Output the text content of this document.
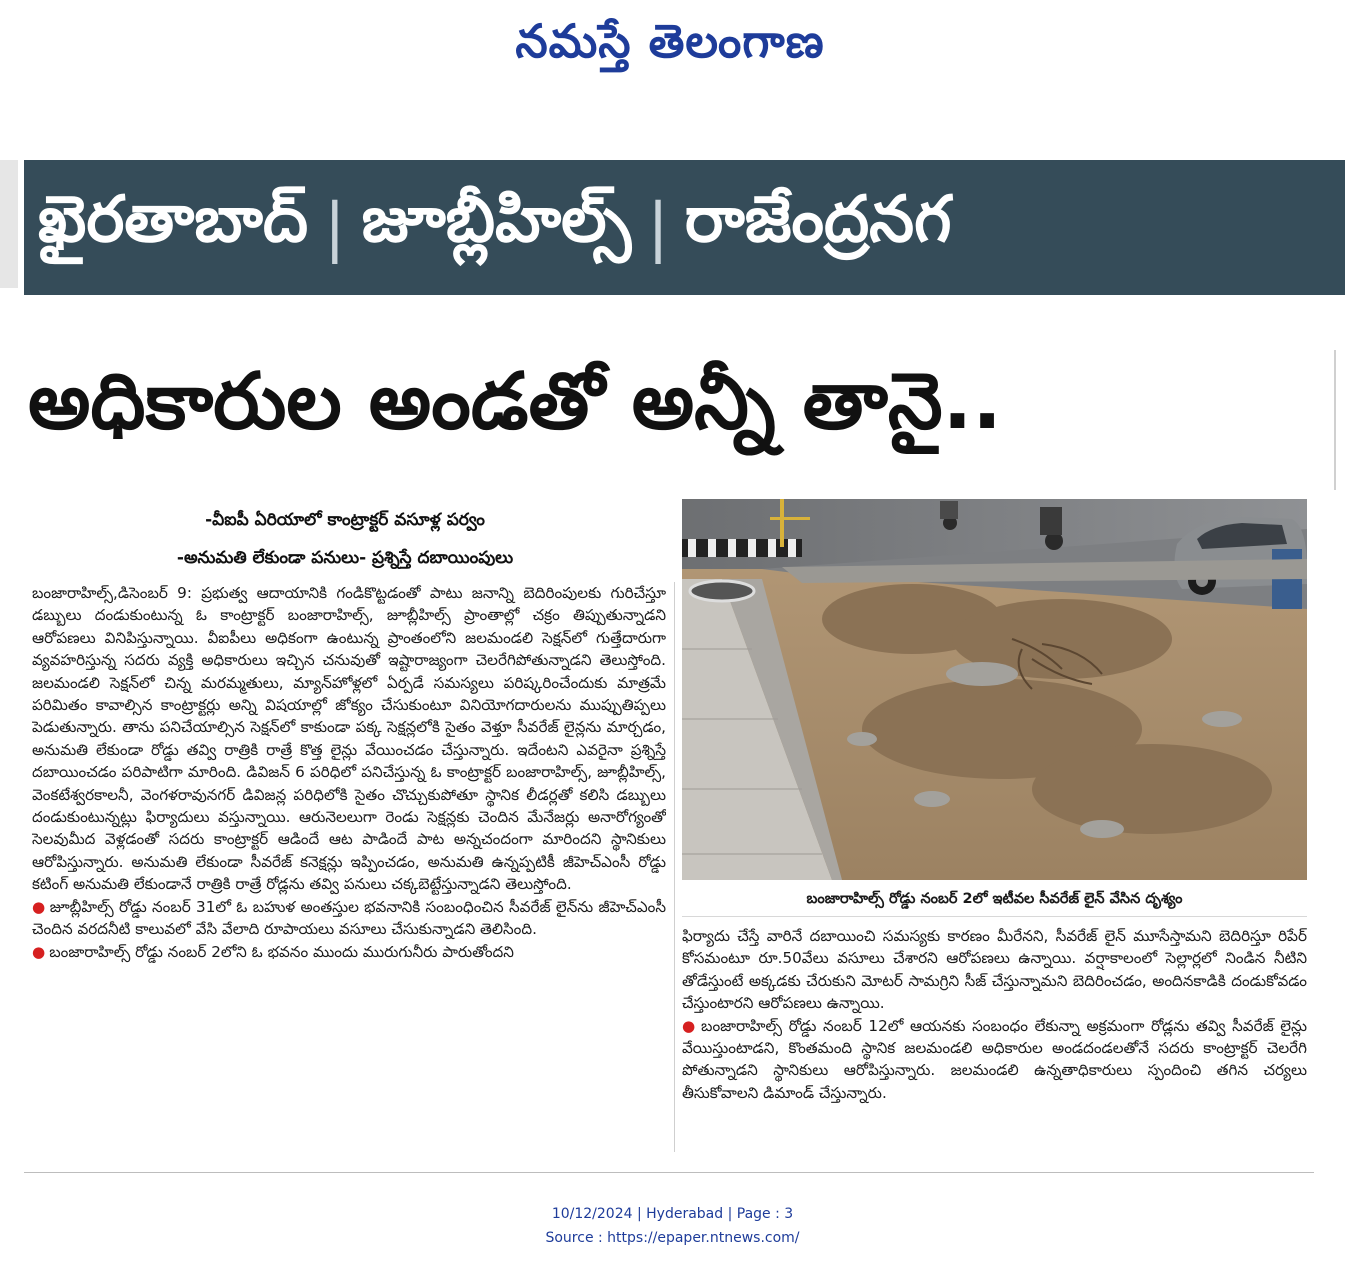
నమస్తే తెలంగాణ
ఖైరతాబాద్ | జూబ్లీహిల్స్ | రాజేంద్రనగ
అధికారుల అండతో అన్నీ తానై..
-వీఐపీ ఏరియాలో కాంట్రాక్టర్‌ వసూళ్ల పర్వం
-అనుమతి లేకుండా పనులు- ప్రశ్నిస్తే దబాయింపులు

బంజారాహిల్స్‌,డిసెంబర్‌ 9: ప్రభుత్వ ఆదాయానికి గండికొట్టడంతో పాటు జనాన్ని బెదిరింపులకు గురిచేస్తూ డబ్బులు దండుకుంటున్న ఓ కాంట్రాక్టర్‌ బంజారాహిల్స్‌, జూబ్లీహిల్స్‌ ప్రాంతాల్లో చక్రం తిప్పుతున్నాడని ఆరోపణలు వినిపిస్తున్నాయి. వీఐపీలు అధికంగా ఉంటున్న ప్రాంతంలోని జలమండలి సెక్షన్‌లో గుత్తేదారుగా వ్యవహరిస్తున్న సదరు వ్యక్తి అధికారులు ఇచ్చిన చనువుతో ఇష్టారాజ్యంగా చెలరేగిపోతున్నాడని తెలుస్తోంది. జలమండలి సెక్షన్‌లో చిన్న మరమ్మతులు, మ్యాన్‌హోళ్లలో ఏర్పడే సమస్యలు పరిష్కరించేందుకు మాత్రమే పరిమితం కావాల్సిన కాంట్రాక్టర్లు అన్ని విషయాల్లో జోక్యం చేసుకుంటూ వినియోగదారులను ముప్పుతిప్పలు పెడుతున్నారు. తాను పనిచేయాల్సిన సెక్షన్‌లో కాకుండా పక్క సెక్షన్లలోకి సైతం వెళ్తూ సీవరేజ్‌ లైన్లను మార్చడం, అనుమతి లేకుండా రోడ్డు తవ్వి రాత్రికి రాత్రే కొత్త లైన్లు వేయించడం చేస్తున్నారు. ఇదేంటని ఎవరైనా ప్రశ్నిస్తే దబాయించడం పరిపాటిగా మారింది. డివిజన్‌ 6 పరిధిలో పనిచేస్తున్న ఓ కాంట్రాక్టర్‌ బంజారాహిల్స్‌, జూబ్లీహిల్స్‌, వెంకటేశ్వరకాలనీ, వెంగళరావునగర్‌ డివిజన్ల పరిధిలోకి సైతం చొచ్చుకుపోతూ స్థానిక లీడర్లతో కలిసి డబ్బులు దండుకుంటున్నట్లు ఫిర్యాదులు వస్తున్నాయి. ఆరునెలలుగా రెండు సెక్షన్లకు చెందిన మేనేజర్లు అనారోగ్యంతో సెలవుమీద వెళ్లడంతో సదరు కాంట్రాక్టర్‌ ఆడిందే ఆట పాడిందే పాట అన్నచందంగా మారిందని స్థానికులు ఆరోపిస్తున్నారు. అనుమతి లేకుండా సీవరేజ్‌ కనెక్షన్లు ఇప్పించడం, అనుమతి ఉన్నప్పటికీ జీహెచ్‌ఎంసీ రోడ్డు కటింగ్‌ అనుమతి లేకుండానే రాత్రికి రాత్రే రోడ్లను తవ్వి పనులు చక్కబెట్టేస్తున్నాడని తెలుస్తోంది.

● జూబ్లీహిల్స్‌ రోడ్డు నంబర్‌ 31లో ఓ బహుళ అంతస్తుల భవనానికి సంబంధించిన సీవరేజ్‌ లైన్‌ను జీహెచ్‌ఎంసీ చెందిన వరదనీటి కాలువలో వేసి వేలాది రూపాయలు వసూలు చేసుకున్నాడని తెలిసింది.

● బంజారాహిల్స్‌ రోడ్డు నంబర్‌ 2లోని ఓ భవనం ముందు మురుగునీరు పారుతోందని

బంజారాహిల్స్‌ రోడ్డు నంబర్‌ 2లో ఇటీవల సీవరేజ్‌ లైన్‌ వేసిన దృశ్యం

ఫిర్యాదు చేస్తే వారినే దబాయించి సమస్యకు కారణం మీరేనని, సీవరేజ్‌ లైన్‌ మూసేస్తామని బెదిరిస్తూ రిపేర్‌ కోసమంటూ రూ.50వేలు వసూలు చేశారని ఆరోపణలు ఉన్నాయి. వర్షాకాలంలో సెల్లార్లలో నిండిన నీటిని తోడేస్తుంటే అక్కడకు చేరుకుని మోటర్‌ సామగ్రిని సీజ్‌ చేస్తున్నామని బెదిరించడం, అందినకాడికి దండుకోవడం చేస్తుంటారని ఆరోపణలు ఉన్నాయి.

● బంజారాహిల్స్‌ రోడ్డు నంబర్‌ 12లో ఆయనకు సంబంధం లేకున్నా అక్రమంగా రోడ్లను తవ్వి సీవరేజ్‌ లైన్లు వేయిస్తుంటాడని, కొంతమంది స్థానిక జలమండలి అధికారుల అండదండలతోనే సదరు కాంట్రాక్టర్‌ చెలరేగి పోతున్నాడని స్థానికులు ఆరోపిస్తున్నారు. జలమండలి ఉన్నతాధికారులు స్పందించి తగిన చర్యలు తీసుకోవాలని డిమాండ్‌ చేస్తున్నారు.

10/12/2024 | Hyderabad | Page : 3
Source : https://epaper.ntnews.com/
